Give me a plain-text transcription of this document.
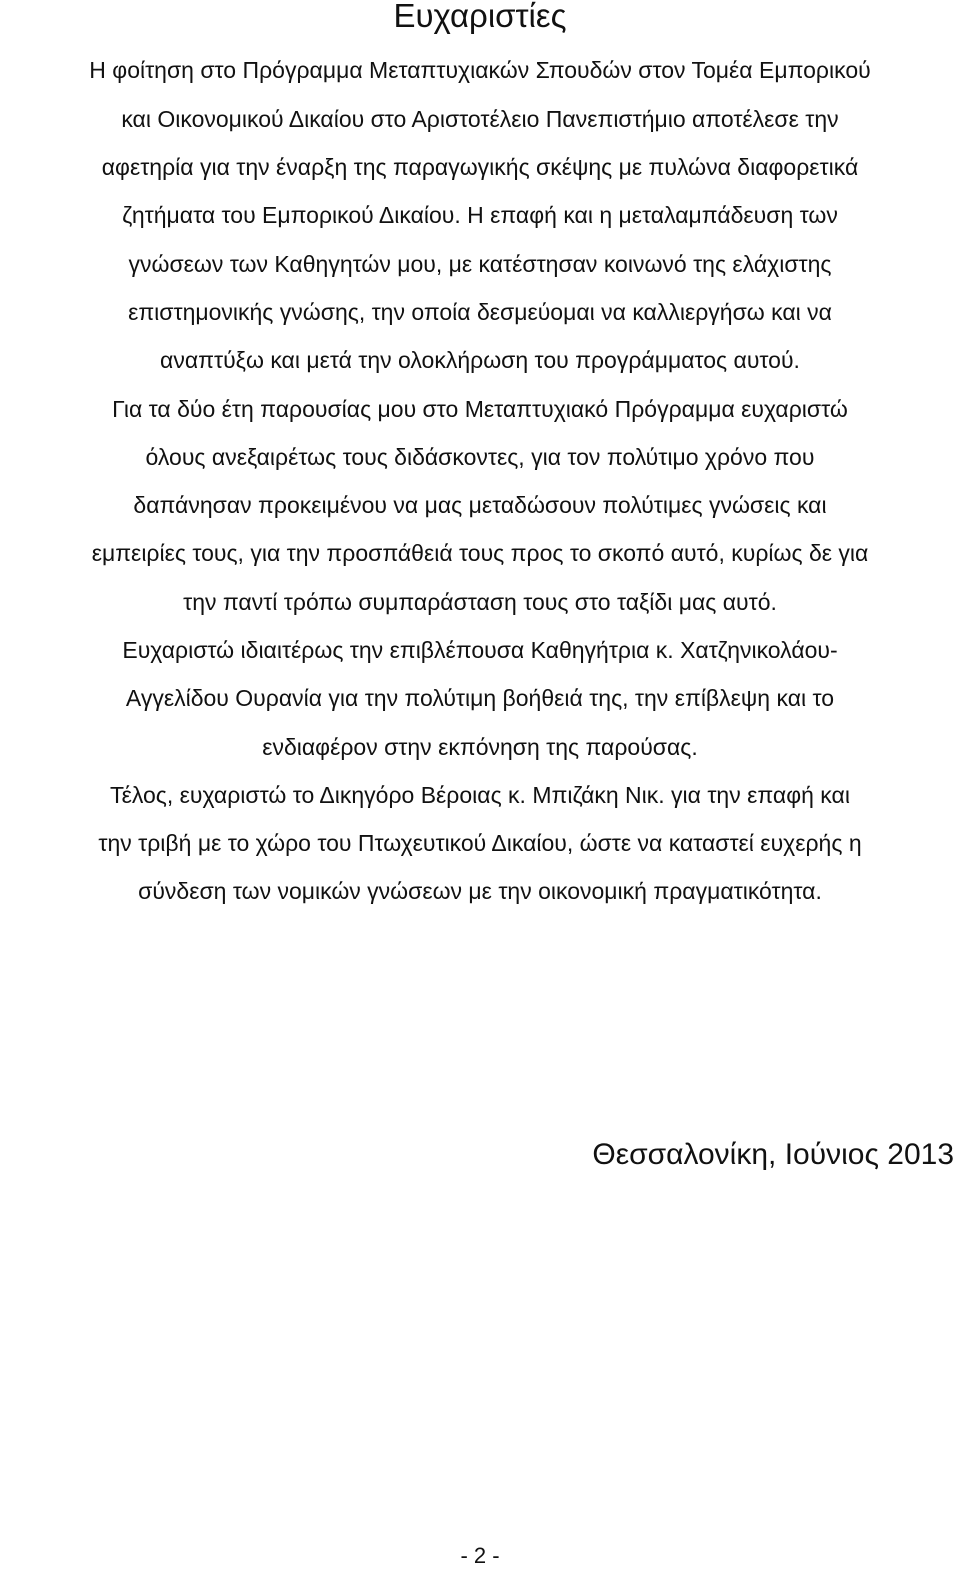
Ευχαριστίες

Η φοίτηση στο Πρόγραμμα Μεταπτυχιακών Σπουδών στον Τομέα Εμπορικού

και Οικονομικού Δικαίου στο Αριστοτέλειο Πανεπιστήμιο αποτέλεσε την

αφετηρία για την έναρξη της παραγωγικής σκέψης με πυλώνα διαφορετικά

ζητήματα του Εμπορικού Δικαίου. Η επαφή και η μεταλαμπάδευση των

γνώσεων των Καθηγητών μου, με κατέστησαν κοινωνό της ελάχιστης

επιστημονικής γνώσης, την οποία δεσμεύομαι να καλλιεργήσω και να

αναπτύξω και μετά την ολοκλήρωση του προγράμματος αυτού.

Για τα δύο έτη παρουσίας μου στο Μεταπτυχιακό Πρόγραμμα ευχαριστώ

όλους ανεξαιρέτως τους διδάσκοντες, για τον πολύτιμο χρόνο που

δαπάνησαν προκειμένου να μας μεταδώσουν πολύτιμες γνώσεις και

εμπειρίες τους, για την προσπάθειά τους προς το σκοπό αυτό, κυρίως δε για

την παντί τρόπω συμπαράσταση τους στο ταξίδι μας αυτό.

Ευχαριστώ ιδιαιτέρως την επιβλέπουσα Καθηγήτρια κ. Χατζηνικολάου-

Αγγελίδου Ουρανία για την πολύτιμη βοήθειά της, την επίβλεψη και το

ενδιαφέρον στην εκπόνηση της παρούσας.

Τέλος, ευχαριστώ το Δικηγόρο Βέροιας κ. Μπιζάκη Νικ. για την επαφή και

την τριβή με το χώρο του Πτωχευτικού Δικαίου, ώστε να καταστεί ευχερής η

σύνδεση των νομικών γνώσεων με την οικονομική πραγματικότητα.

Θεσσαλονίκη, Ιούνιος 2013

- 2 -
